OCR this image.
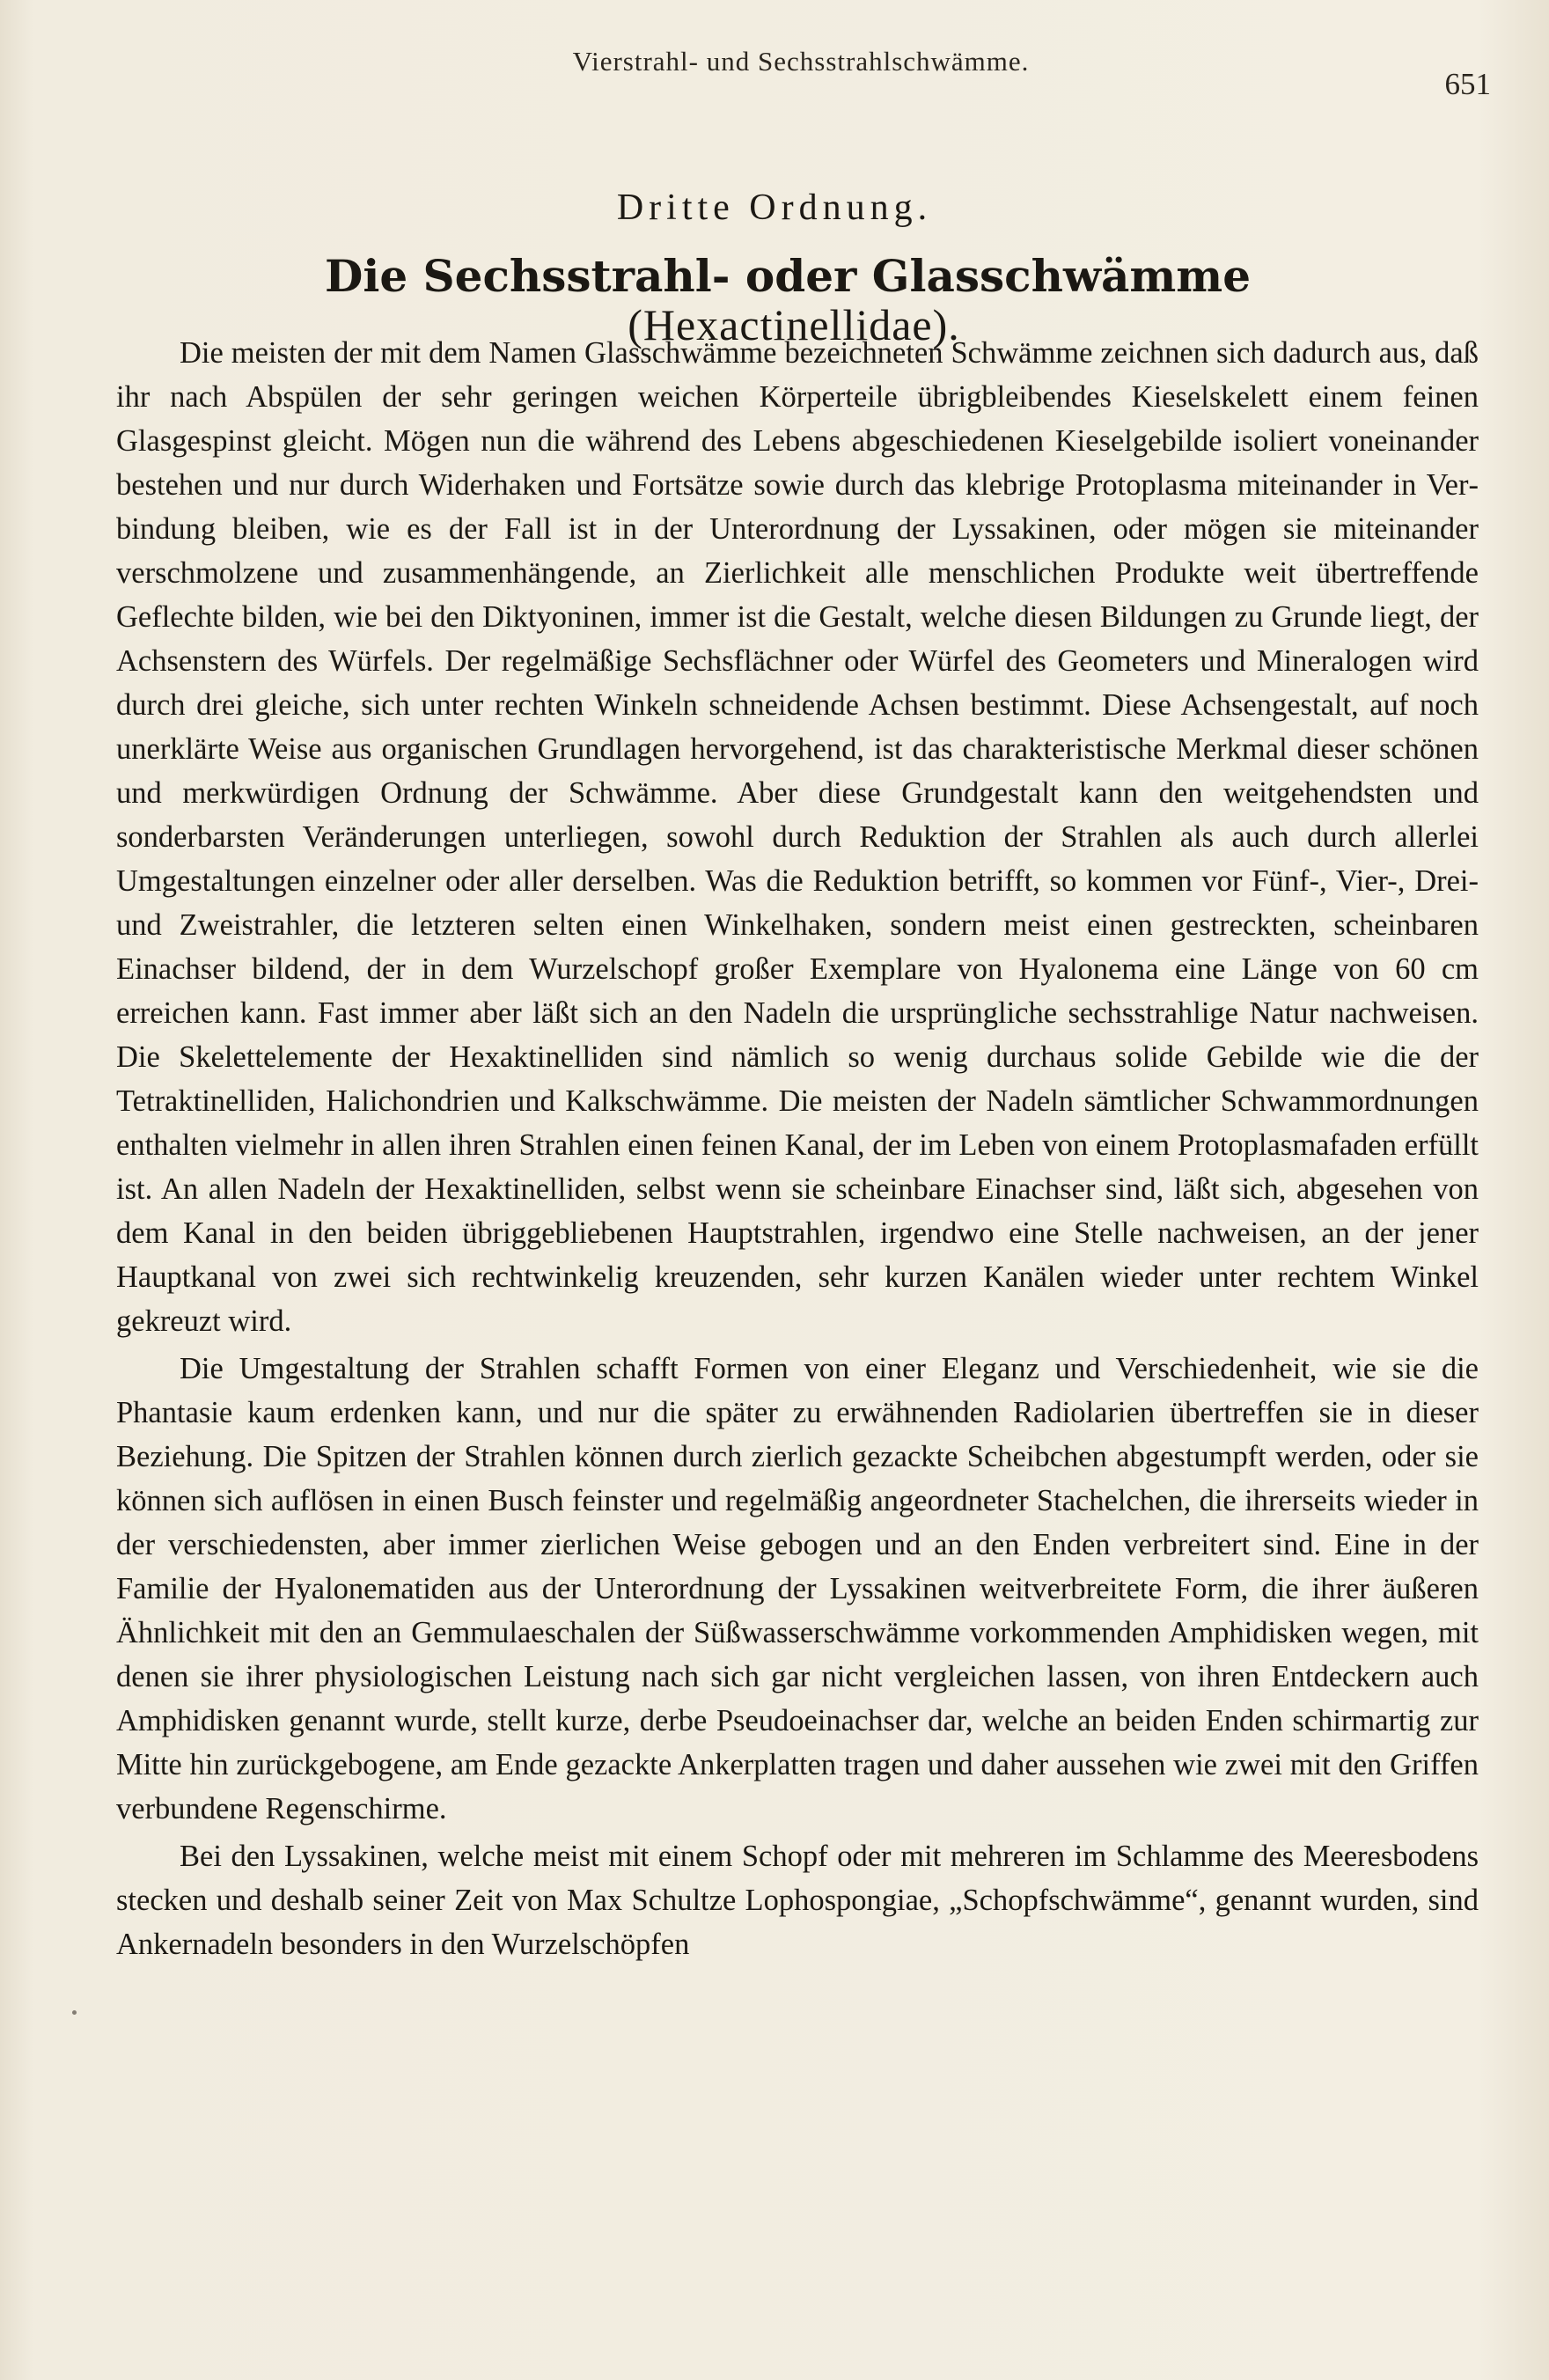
Vierstrahl- und Sechsstrahlschwämme.
651
Dritte Ordnung.
Die Sechsstrahl- oder Glasschwämme (Hexactinellidae).

Die meisten der mit dem Namen Glasschwämme bezeichneten Schwämme zeichnen sich dadurch aus, daß ihr nach Abspülen der sehr geringen weichen Körperteile übrigbleibendes Kieselskelett einem feinen Glasgespinst gleicht. Mögen nun die während des Lebens abgeschiedenen Kieselgebilde isoliert voneinander bestehen und nur durch Widerhaken und Fortsätze sowie durch das klebrige Protoplasma miteinander in Verbindung bleiben, wie es der Fall ist in der Unterordnung der Lyssakinen, oder mögen sie miteinander verschmolzene und zusammenhängende, an Zierlichkeit alle menschlichen Produkte weit übertreffende Geflechte bilden, wie bei den Diktyoninen, immer ist die Gestalt, welche diesen Bildungen zu Grunde liegt, der Achsenstern des Würfels. Der regelmäßige Sechsflächner oder Würfel des Geometers und Mineralogen wird durch drei gleiche, sich unter rechten Winkeln schneidende Achsen bestimmt. Diese Achsengestalt, auf noch unerklärte Weise aus organischen Grundlagen hervorgehend, ist das charakteristische Merkmal dieser schönen und merkwürdigen Ordnung der Schwämme. Aber diese Grundgestalt kann den weitgehendsten und sonderbarsten Veränderungen unterliegen, sowohl durch Reduktion der Strahlen als auch durch allerlei Umgestaltungen einzelner oder aller derselben. Was die Reduktion betrifft, so kommen vor Fünf-, Vier-, Drei- und Zweistrahler, die letzteren selten einen Winkelhaken, sondern meist einen gestreckten, scheinbaren Einachser bildend, der in dem Wurzelschopf großer Exemplare von Hyalonema eine Länge von 60 cm erreichen kann. Fast immer aber läßt sich an den Nadeln die ursprüngliche sechsstrahlige Natur nachweisen. Die Skelettelemente der Hexaktinelliden sind nämlich so wenig durchaus solide Gebilde wie die der Tetraktinelliden, Halichondrien und Kalkschwämme. Die meisten der Nadeln sämtlicher Schwammordnungen enthalten vielmehr in allen ihren Strahlen einen feinen Kanal, der im Leben von einem Protoplasmafaden erfüllt ist. An allen Nadeln der Hexaktinelliden, selbst wenn sie scheinbare Einachser sind, läßt sich, abgesehen von dem Kanal in den beiden übriggebliebenen Hauptstrahlen, irgendwo eine Stelle nachweisen, an der jener Hauptkanal von zwei sich rechtwinkelig kreuzenden, sehr kurzen Kanälen wieder unter rechtem Winkel gekreuzt wird.

Die Umgestaltung der Strahlen schafft Formen von einer Eleganz und Verschiedenheit, wie sie die Phantasie kaum erdenken kann, und nur die später zu erwähnenden Radiolarien übertreffen sie in dieser Beziehung. Die Spitzen der Strahlen können durch zierlich gezackte Scheibchen abgestumpft werden, oder sie können sich auflösen in einen Busch feinster und regelmäßig angeordneter Stachelchen, die ihrerseits wieder in der verschiedensten, aber immer zierlichen Weise gebogen und an den Enden verbreitert sind. Eine in der Familie der Hyalonematiden aus der Unterordnung der Lyssakinen weitverbreitete Form, die ihrer äußeren Ähnlichkeit mit den an Gemmulaeschalen der Süßwasserschwämme vorkommenden Amphidisken wegen, mit denen sie ihrer physiologischen Leistung nach sich gar nicht vergleichen lassen, von ihren Entdeckern auch Amphidisken genannt wurde, stellt kurze, derbe Pseudoeinachser dar, welche an beiden Enden schirmartig zur Mitte hin zurückgebogene, am Ende gezackte Ankerplatten tragen und daher aussehen wie zwei mit den Griffen verbundene Regenschirme.

Bei den Lyssakinen, welche meist mit einem Schopf oder mit mehreren im Schlamme des Meeresbodens stecken und deshalb seiner Zeit von Max Schultze Lophospongiae, „Schopfschwämme“, genannt wurden, sind Ankernadeln besonders in den Wurzelschöpfen
